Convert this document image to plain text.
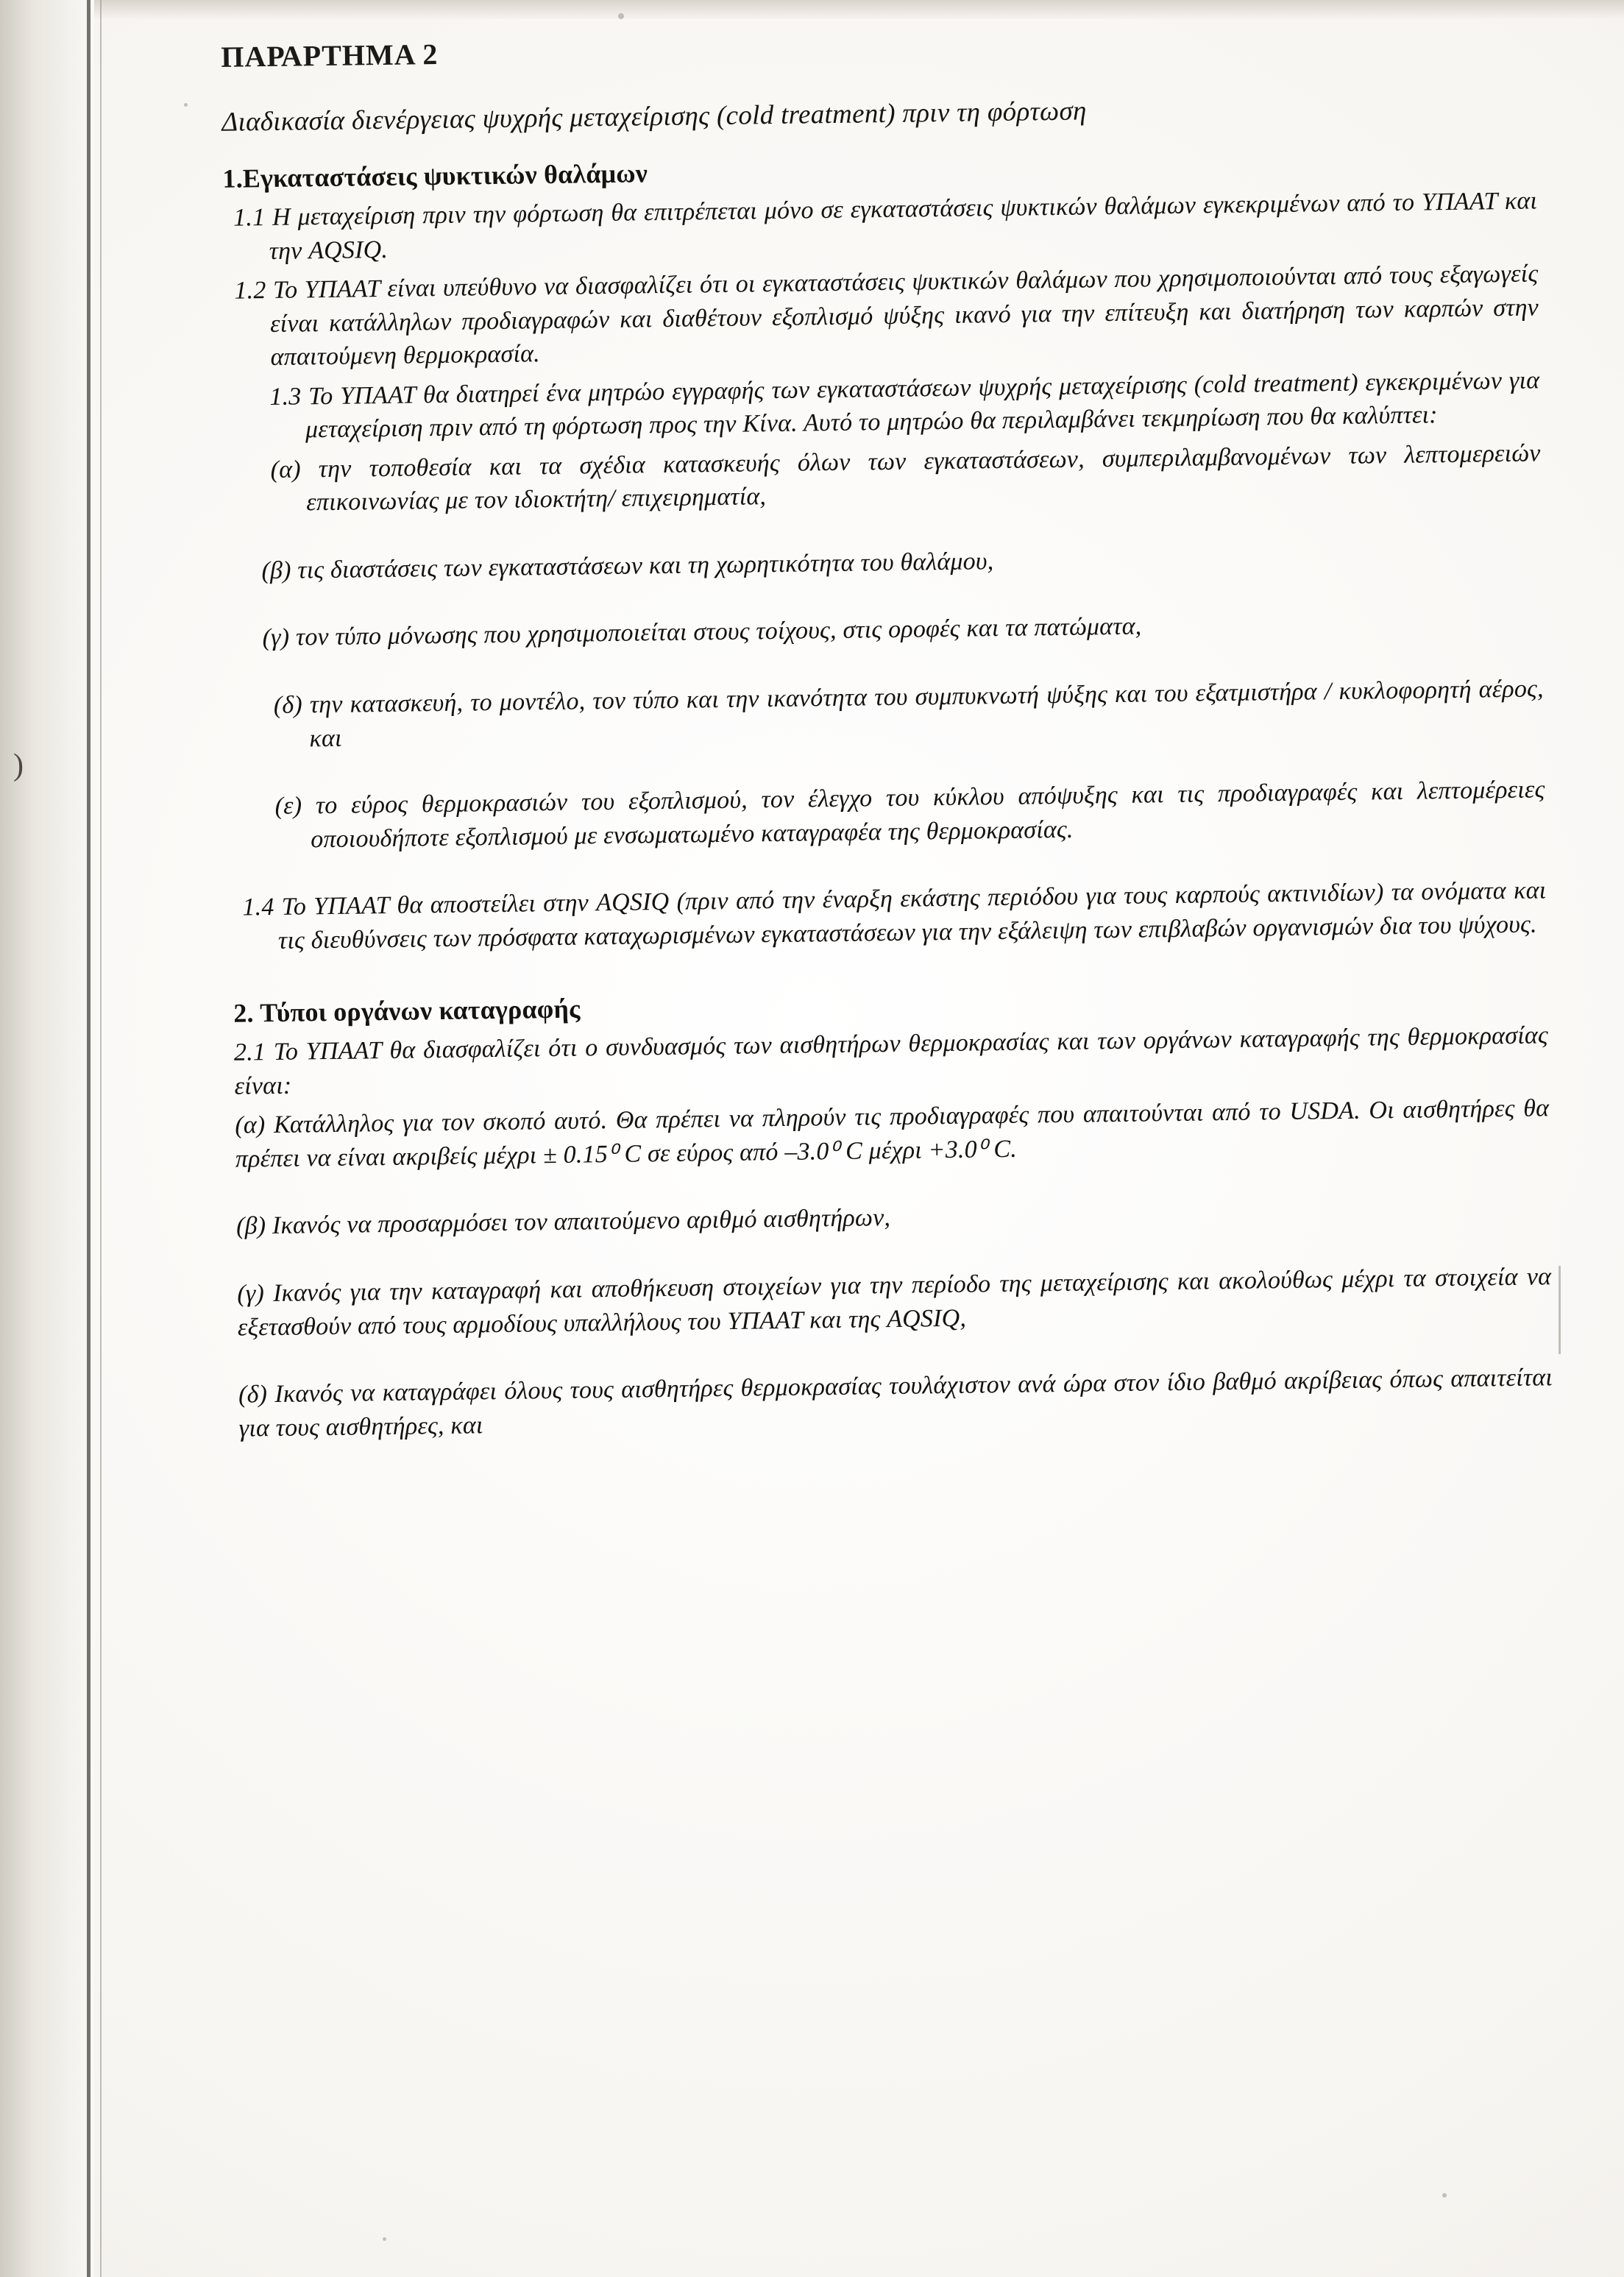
)
ΠΑΡΑΡΤΗΜΑ 2
Διαδικασία διενέργειας ψυχρής μεταχείρισης (cold treatment) πριν τη φόρτωση
1.Εγκαταστάσεις ψυκτικών θαλάμων

1.1 Η μεταχείριση πριν την φόρτωση θα επιτρέπεται μόνο σε εγκαταστάσεις ψυκτικών θαλάμων εγκεκριμένων από το ΥΠΑΑΤ και την AQSIQ.

1.2 Το ΥΠΑΑΤ είναι υπεύθυνο να διασφαλίζει ότι οι εγκαταστάσεις ψυκτικών θαλάμων που χρησιμοποιούνται από τους εξαγωγείς είναι κατάλληλων προδιαγραφών και διαθέτουν εξοπλισμό ψύξης ικανό για την επίτευξη και διατήρηση των καρπών στην απαιτούμενη θερμοκρασία.

1.3 Το ΥΠΑΑΤ θα διατηρεί ένα μητρώο εγγραφής των εγκαταστάσεων ψυχρής μεταχείρισης (cold treatment) εγκεκριμένων για μεταχείριση πριν από τη φόρτωση προς την Κίνα. Αυτό το μητρώο θα περιλαμβάνει τεκμηρίωση που θα καλύπτει:

(α) την τοποθεσία και τα σχέδια κατασκευής όλων των εγκαταστάσεων, συμπεριλαμβανομένων των λεπτομερειών επικοινωνίας με τον ιδιοκτήτη/ επιχειρηματία,

(β) τις διαστάσεις των εγκαταστάσεων και τη χωρητικότητα του θαλάμου,

(γ) τον τύπο μόνωσης που χρησιμοποιείται στους τοίχους, στις οροφές και τα πατώματα,

(δ) την κατασκευή, το μοντέλο, τον τύπο και την ικανότητα του συμπυκνωτή ψύξης και του εξατμιστήρα / κυκλοφορητή αέρος, και

(ε) το εύρος θερμοκρασιών του εξοπλισμού, τον έλεγχο του κύκλου απόψυξης και τις προδιαγραφές και λεπτομέρειες οποιουδήποτε εξοπλισμού με ενσωματωμένο καταγραφέα της θερμοκρασίας.

1.4 Το ΥΠΑΑΤ θα αποστείλει στην AQSIQ (πριν από την έναρξη εκάστης περιόδου για τους καρπούς ακτινιδίων) τα ονόματα και τις διευθύνσεις των πρόσφατα καταχωρισμένων εγκαταστάσεων για την εξάλειψη των επιβλαβών οργανισμών δια του ψύχους.

2. Τύποι οργάνων καταγραφής

2.1 Το ΥΠΑΑΤ θα διασφαλίζει ότι ο συνδυασμός των αισθητήρων θερμοκρασίας και των οργάνων καταγραφής της θερμοκρασίας είναι:

(α) Κατάλληλος για τον σκοπό αυτό. Θα πρέπει να πληρούν τις προδιαγραφές που απαιτούνται από το USDA. Οι αισθητήρες θα πρέπει να είναι ακριβείς μέχρι ± 0.15⁰ C σε εύρος από –3.0⁰ C μέχρι +3.0⁰ C.

(β) Ικανός να προσαρμόσει τον απαιτούμενο αριθμό αισθητήρων,

(γ) Ικανός για την καταγραφή και αποθήκευση στοιχείων για την περίοδο της μεταχείρισης και ακολούθως μέχρι τα στοιχεία να εξετασθούν από τους αρμοδίους υπαλλήλους του ΥΠΑΑΤ και της AQSIQ,

(δ) Ικανός να καταγράφει όλους τους αισθητήρες θερμοκρασίας τουλάχιστον ανά ώρα στον ίδιο βαθμό ακρίβειας όπως απαιτείται για τους αισθητήρες, και
